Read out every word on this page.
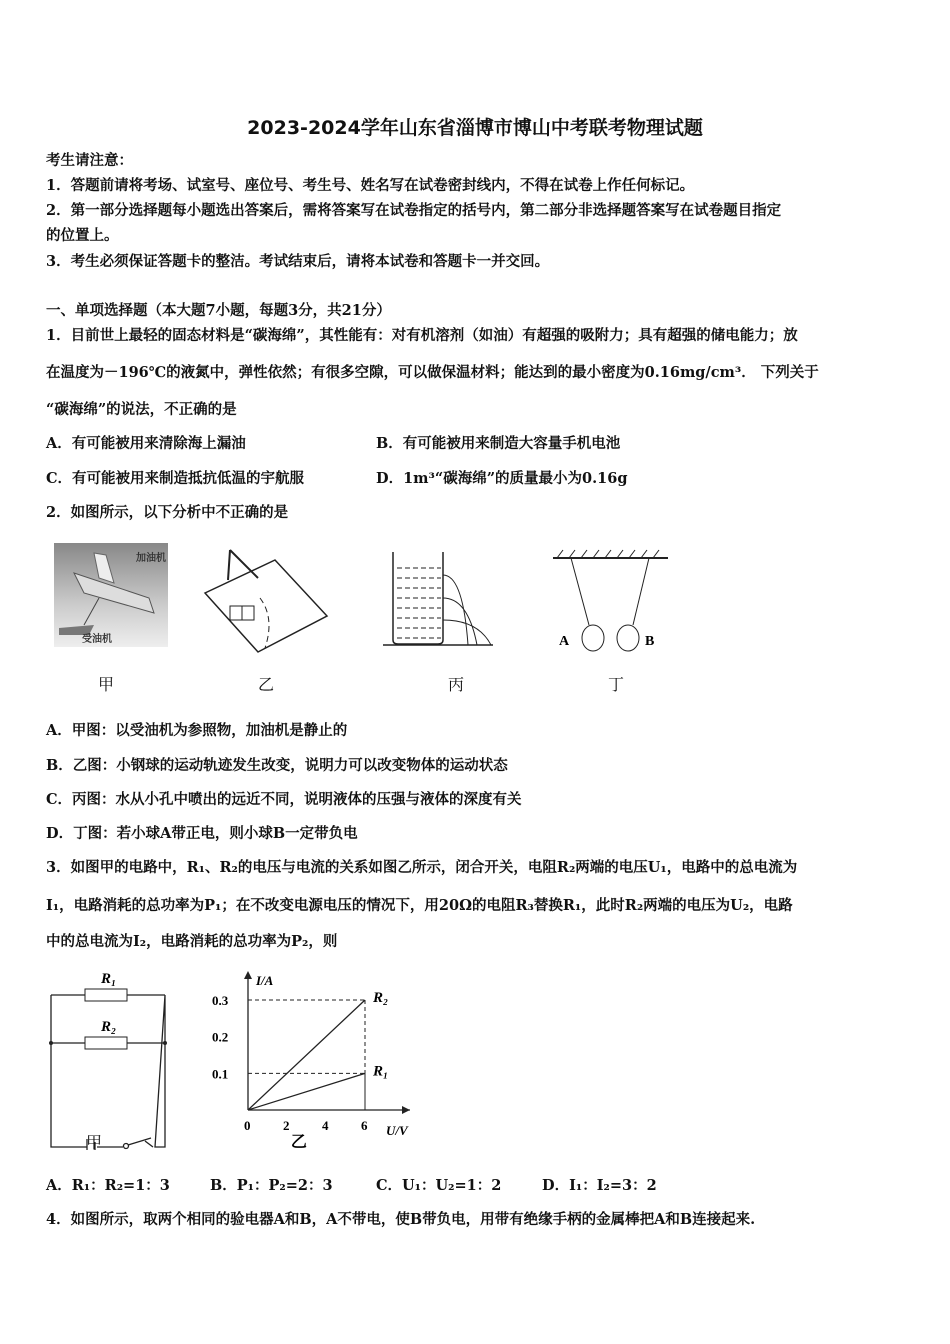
2023-2024学年山东省淄博市博山中考联考物理试题
考生请注意：
1．答题前请将考场、试室号、座位号、考生号、姓名写在试卷密封线内，不得在试卷上作任何标记。
2．第一部分选择题每小题选出答案后，需将答案写在试卷指定的括号内，第二部分非选择题答案写在试卷题目指定
的位置上。
3．考生必须保证答题卡的整洁。考试结束后，请将本试卷和答题卡一并交回。
一、单项选择题（本大题7小题，每题3分，共21分）
1．目前世上最轻的固态材料是“碳海绵”，其性能有：对有机溶剂（如油）有超强的吸附力；具有超强的储电能力；放
在温度为－196℃的液氮中，弹性依然；有很多空隙，可以做保温材料；能达到的最小密度为0.16mg/cm³． 下列关于
“碳海绵”的说法，不正确的是
A．有可能被用来清除海上漏油	B．有可能被用来制造大容量手机电池
C．有可能被用来制造抵抗低温的宇航服	D．1m³“碳海绵”的质量最小为0.16g
2．如图所示，以下分析中不正确的是
加油机
受油机	A	B
甲	乙	丙	丁
A．甲图：以受油机为参照物，加油机是静止的
B．乙图：小钢球的运动轨迹发生改变，说明力可以改变物体的运动状态
C．丙图：水从小孔中喷出的远近不同，说明液体的压强与液体的深度有关
D．丁图：若小球A带正电，则小球B一定带负电
3．如图甲的电路中，R₁、R₂的电压与电流的关系如图乙所示，闭合开关，电阻R₂两端的电压U₁，电路中的总电流为
I₁，电路消耗的总功率为P₁；在不改变电源电压的情况下，用20Ω的电阻R₃替换R₁，此时R₂两端的电压为U₂，电路
中的总电流为I₂，电路消耗的总功率为P₂，则
R₁
R₂
甲
I/A
U/V
0	2	4	6
0.1
0.2
0.3	R₂
R₁
乙
A．R₁：R₂=1：3	B．P₁：P₂=2：3	C．U₁：U₂=1：2	D．I₁：I₂=3：2
4．如图所示，取两个相同的验电器A和B，A不带电，使B带负电，用带有绝缘手柄的金属棒把A和B连接起来.
